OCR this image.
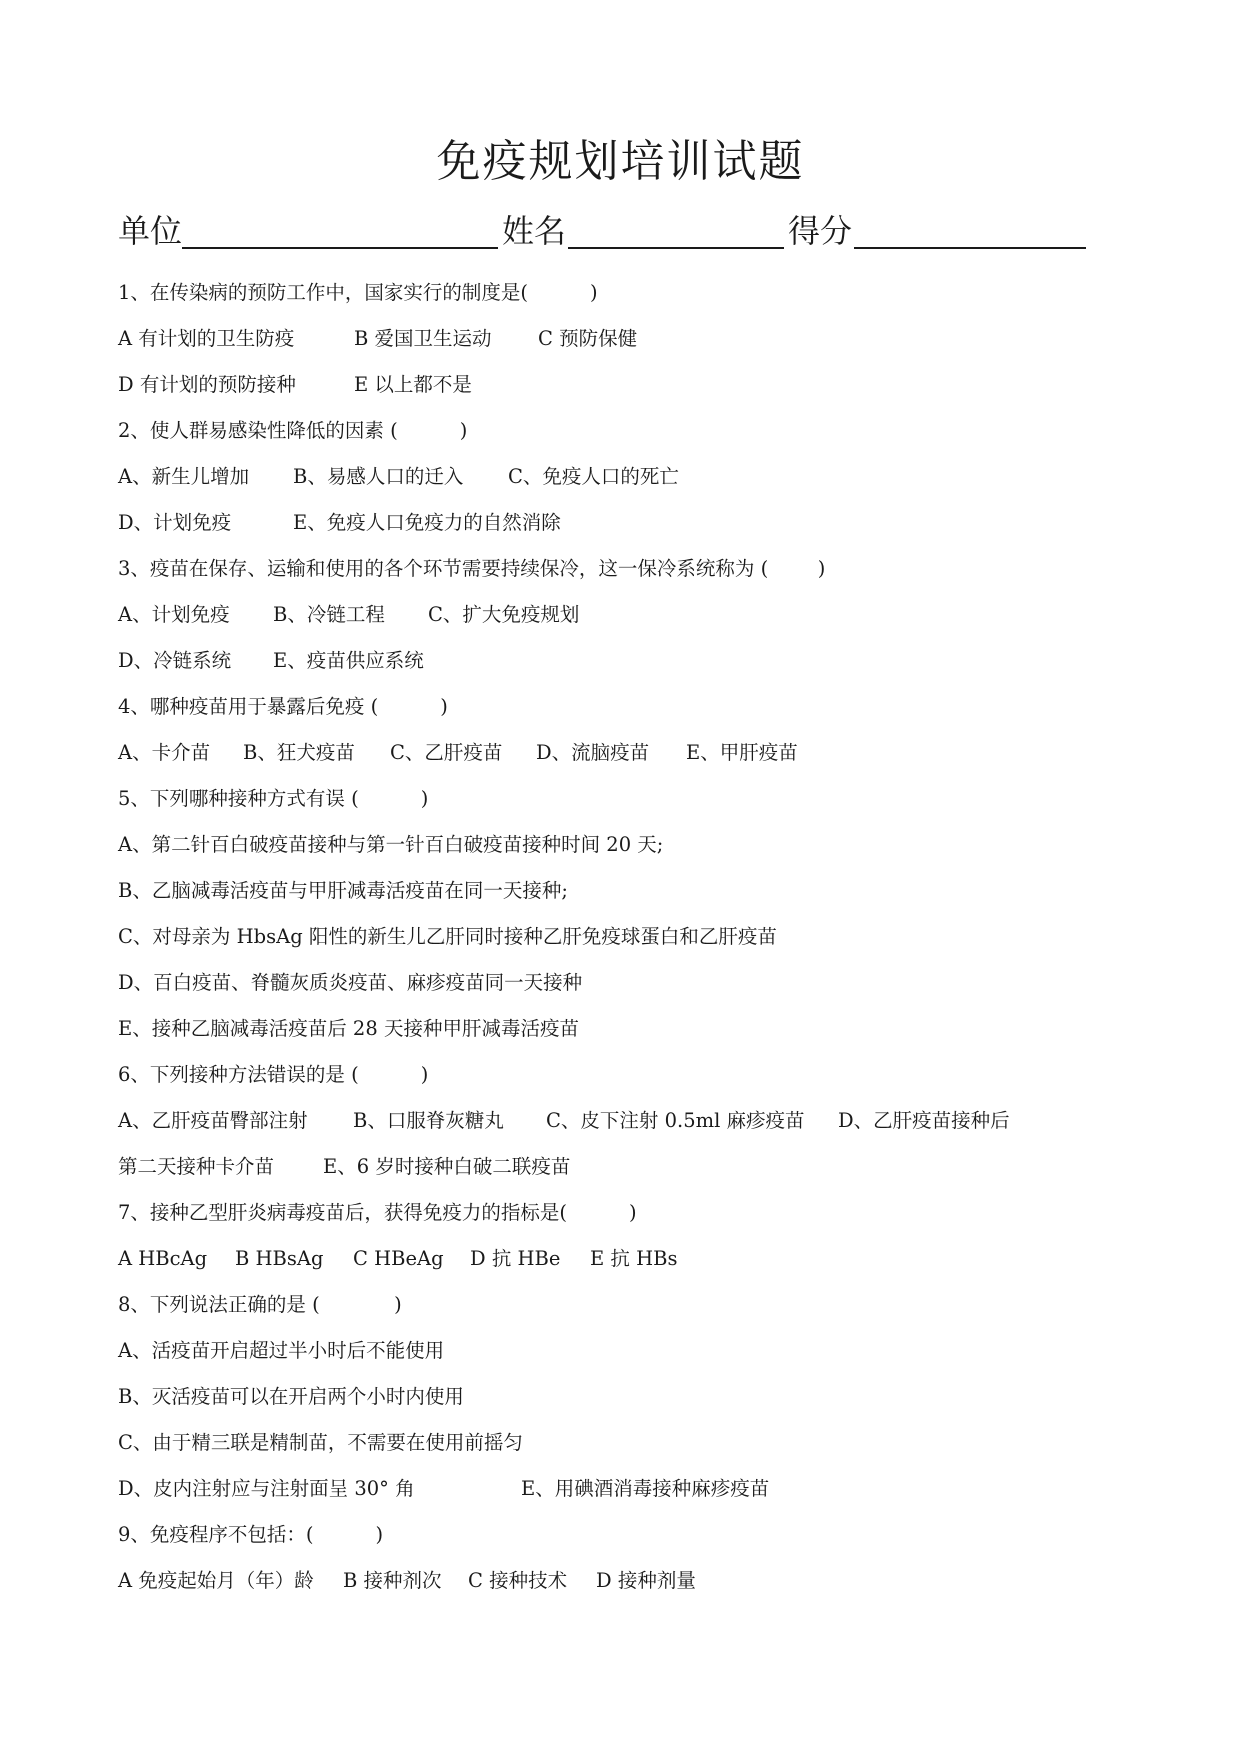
免疫规划培训试题
单位	姓名	得分
1、在传染病的预防工作中，国家实行的制度是(          )
A 有计划的卫生防疫	B 爱国卫生运动 C 预防保健
D 有计划的预防接种	E 以上都不是
2、使人群易感染性降低的因素 (          )
A、新生儿增加 B、易感人口的迁入 C、免疫人口的死亡
D、计划免疫	E、免疫人口免疫力的自然消除
3、疫苗在保存、运输和使用的各个环节需要持续保冷，这一保冷系统称为 (        )
A、计划免疫 B、冷链工程 C、扩大免疫规划
D、冷链系统 E、疫苗供应系统
4、哪种疫苗用于暴露后免疫 (          )
A、卡介苗 B、狂犬疫苗 C、乙肝疫苗 D、流脑疫苗 E、甲肝疫苗
5、下列哪种接种方式有误 (          )
A、第二针百白破疫苗接种与第一针百白破疫苗接种时间 20 天;
B、乙脑减毒活疫苗与甲肝减毒活疫苗在同一天接种;
C、对母亲为 HbsAg 阳性的新生儿乙肝同时接种乙肝免疫球蛋白和乙肝疫苗
D、百白疫苗、脊髓灰质炎疫苗、麻疹疫苗同一天接种
E、接种乙脑减毒活疫苗后 28 天接种甲肝减毒活疫苗
6、下列接种方法错误的是 (          )
A、乙肝疫苗臀部注射 B、口服脊灰糖丸 C、皮下注射 0.5ml 麻疹疫苗 D、乙肝疫苗接种后
第二天接种卡介苗	E、6 岁时接种白破二联疫苗
7、接种乙型肝炎病毒疫苗后，获得免疫力的指标是(          )
A HBcAg B HBsAg C HBeAg D 抗 HBe E 抗 HBs
8、下列说法正确的是 (            )
A、活疫苗开启超过半小时后不能使用
B、灭活疫苗可以在开启两个小时内使用
C、由于精三联是精制苗，不需要在使用前摇匀
D、皮内注射应与注射面呈 30° 角	E、用碘酒消毒接种麻疹疫苗
9、免疫程序不包括：(          )
A 免疫起始月（年）龄 B 接种剂次 C 接种技术 D 接种剂量
